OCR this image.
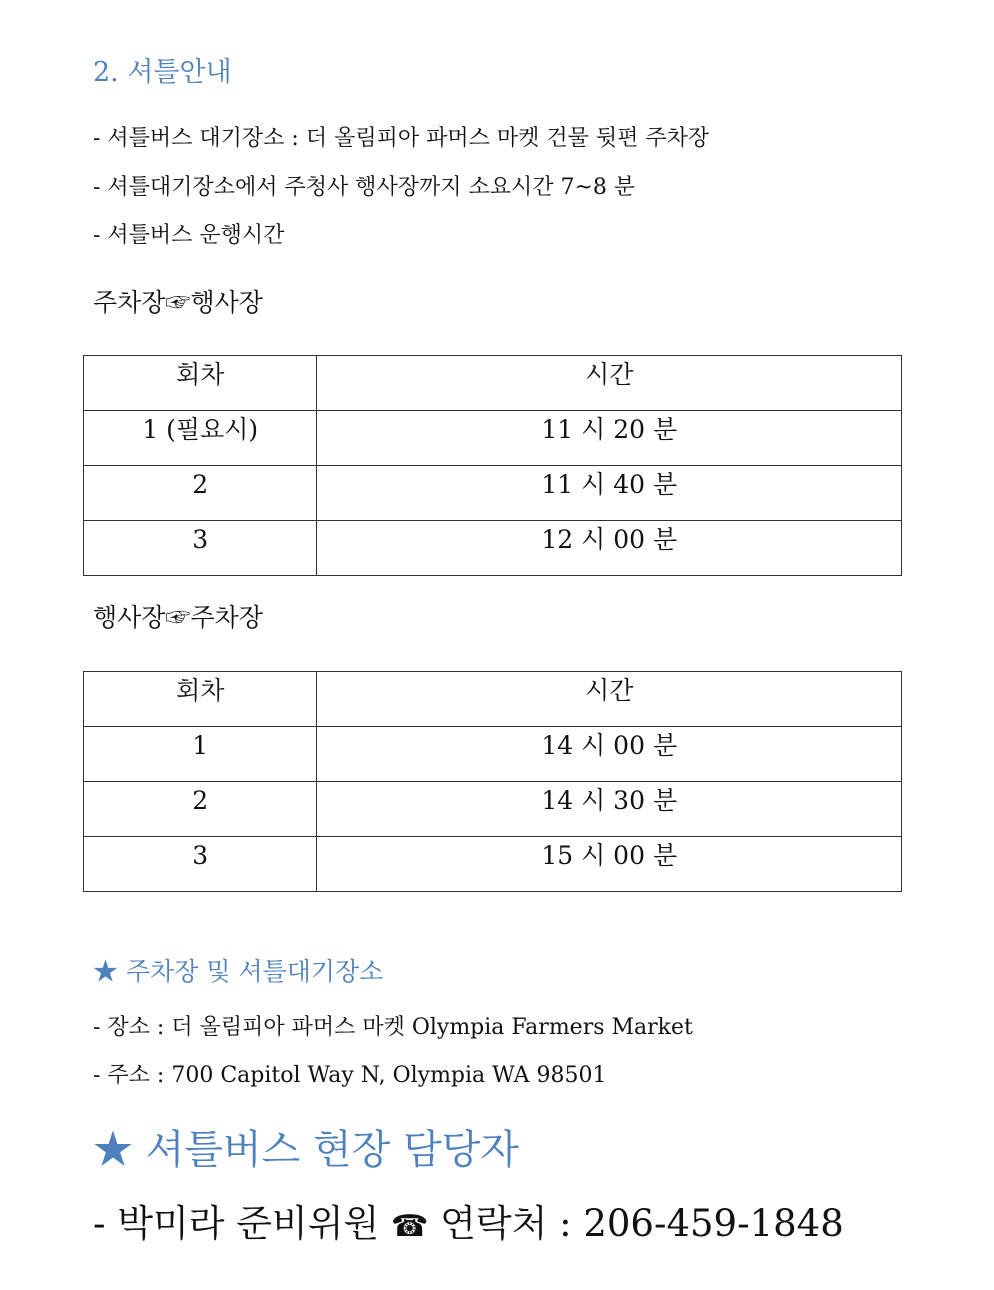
2. 셔틀안내
- 셔틀버스 대기장소 : 더 올림피아 파머스 마켓 건물 뒷편 주차장
- 셔틀대기장소에서 주청사 행사장까지 소요시간 7~8 분
- 셔틀버스 운행시간
주차장☞행사장
회차	시간
1 (필요시)	11 시 20 분
2	11 시 40 분
3	12 시 00 분
행사장☞주차장
회차	시간
1	14 시 00 분
2	14 시 30 분
3	15 시 00 분
★ 주차장 및 셔틀대기장소
- 장소 : 더 올림피아 파머스 마켓 Olympia Farmers Market
- 주소 : 700 Capitol Way N, Olympia WA 98501
★ 셔틀버스 현장 담당자
- 박미라 준비위원 ☎ 연락처 : 206-459-1848
